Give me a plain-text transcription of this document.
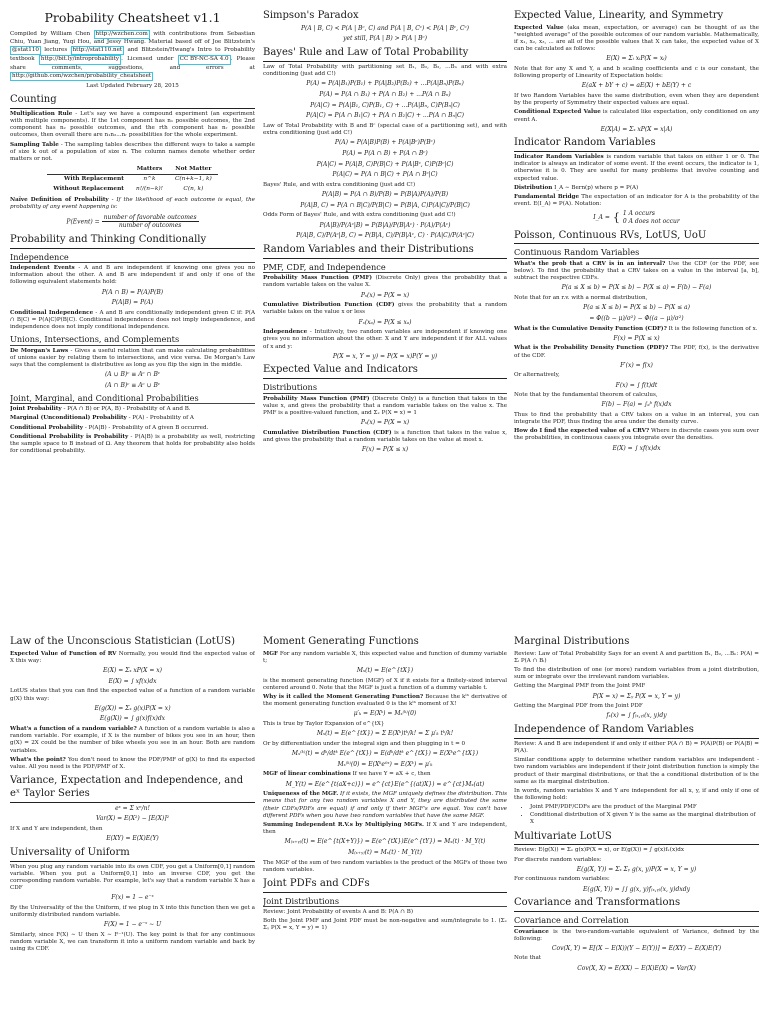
Probability Cheatsheet v1.1

Compiled by William Chen http://wzchen.com with contributions from Sebastian Chiu, Yuan Jiang, Yuqi Hou, and Jessy Hwang. Material based off of Joe Blitzstein's @stat110 lectures http://stat110.net and Blitzstein/Hwang's Intro to Probability textbook http://bit.ly/introprobability . Licensed under CC BY-NC-SA 4.0 . Please share comments, suggestions, and errors at http://github.com/wzchen/probability_cheatsheet

Last Updated February 28, 2015

Counting

Multiplication Rule - Let's say we have a compound experiment (an experiment with multiple components). If the 1st component has n₁ possible outcomes, the 2nd component has n₂ possible outcomes, and the rth component has nᵣ possible outcomes, then overall there are n₁n₂...nᵣ possibilities for the whole experiment.

Sampling Table - The sampling tables describes the different ways to take a sample of size k out of a population of size n. The column names denote whether order matters or not.

	Matters	Not Matter
With Replacement	n^k	C(n+k−1, k)
Without Replacement	n!/(n−k)!	C(n, k)

Naïve Definition of Probability - If the likelihood of each outcome is equal, the probability of any event happening is:

P(Event) = $\frac{\text{number of favorable outcomes}}{\text{number of outcomes}}$
Probability and Thinking Conditionally
Independence

Independent Events - A and B are independent if knowing one gives you no information about the other. A and B are independent if and only if one of the following equivalent statements hold:

P(A ∩ B) = P(A)P(B)
P(A|B) = P(A)

Conditional Independence - A and B are conditionally independent given C if: P(A ∩ B|C) = P(A|C)P(B|C). Conditional independence does not imply independence, and independence does not imply conditional independence.

Unions, Intersections, and Complements

De Morgan's Laws - Gives a useful relation that can make calculating probabilities of unions easier by relating them to intersections, and vice versa. De Morgan's Law says that the complement is distributive as long as you flip the sign in the middle.

(A ∪ B)ᶜ ≡ Aᶜ ∩ Bᶜ
(A ∩ B)ᶜ ≡ Aᶜ ∪ Bᶜ
Joint, Marginal, and Conditional Probabilities

Joint Probability - P(A ∩ B) or P(A, B) - Probability of A and B.

Marginal (Unconditional) Probability - P(A) - Probability of A

Conditional Probability - P(A|B) - Probability of A given B occurred.

Conditional Probability is Probability - P(A|B) is a probability as well, restricting the sample space to B instead of Ω. Any theorem that holds for probability also holds for conditional probability.

Simpson's Paradox
P(A | B, C) < P(A | Bᶜ, C) and P(A | B, Cᶜ) < P(A | Bᶜ, Cᶜ)
yet still, P(A | B) > P(A | Bᶜ)
Bayes' Rule and Law of Total Probability

Law of Total Probability with partitioning set B₁, B₂, B₃, ...Bₙ and with extra conditioning (just add C!)

P(A) = P(A|B₁)P(B₁) + P(A|B₂)P(B₂) + ...P(A|Bₙ)P(Bₙ)
P(A) = P(A ∩ B₁) + P(A ∩ B₂) + ...P(A ∩ Bₙ)
P(A|C) = P(A|B₁, C)P(B₁, C) + ...P(A|Bₙ, C)P(Bₙ|C)
P(A|C) = P(A ∩ B₁|C) + P(A ∩ B₂|C) + ...P(A ∩ Bₙ|C)

Law of Total Probability with B and Bᶜ (special case of a partitioning set), and with extra conditioning (just add C!)

P(A) = P(A|B)P(B) + P(A|Bᶜ)P(Bᶜ)
P(A) = P(A ∩ B) + P(A ∩ Bᶜ)
P(A|C) = P(A|B, C)P(B|C) + P(A|Bᶜ, C)P(Bᶜ|C)
P(A|C) = P(A ∩ B|C) + P(A ∩ Bᶜ|C)

Bayes' Rule, and with extra conditioning (just add C!)

P(A|B) = P(A ∩ B)/P(B) = P(B|A)P(A)/P(B)
P(A|B, C) = P(A ∩ B|C)/P(B|C) = P(B|A, C)P(A|C)/P(B|C)

Odds Form of Bayes' Rule, and with extra conditioning (just add C!)

P(A|B)/P(Aᶜ|B) = P(B|A)/P(B|Aᶜ) · P(A)/P(Aᶜ)
P(A|B, C)/P(Aᶜ|B, C) = P(B|A, C)/P(B|Aᶜ, C) · P(A|C)/P(Aᶜ|C)
Random Variables and their Distributions
PMF, CDF, and Independence

Probability Mass Function (PMF) (Discrete Only) gives the probability that a random variable takes on the value X.

Pₓ(x) = P(X = x)

Cumulative Distribution Function (CDF) gives the probability that a random variable takes on the value x or less

Fₓ(xₐ) = P(X ≤ xₐ)

Independence - Intuitively, two random variables are independent if knowing one gives you no information about the other. X and Y are independent if for ALL values of x and y:

P(X = x, Y = y) = P(X = x)P(Y = y)
Expected Value and Indicators
Distributions

Probability Mass Function (PMF) (Discrete Only) is a function that takes in the value x, and gives the probability that a random variable takes on the value x. The PMF is a positive-valued function, and Σₓ P(X = x) = 1

Pₓ(x) = P(X = x)

Cumulative Distribution Function (CDF) is a function that takes in the value x, and gives the probability that a random variable takes on the value at most x.

F(x) = P(X ≤ x)
Expected Value, Linearity, and Symmetry

Expected Value (aka mean, expectation, or average) can be thought of as the "weighted average" of the possible outcomes of our random variable. Mathematically, if x₁, x₂, x₃, ... are all of the possible values that X can take, the expected value of X can be calculated as follows:

E(X) = Σᵢ xᵢP(X = xᵢ)

Note that for any X and Y, a and b scaling coefficients and c is our constant, the following property of Linearity of Expectation holds:

E(aX + bY + c) = aE(X) + bE(Y) + c

If two Random Variables have the same distribution, even when they are dependent by the property of Symmetry their expected values are equal.

Conditional Expected Value is calculated like expectation, only conditioned on any event A.

E(X|A) = Σₓ xP(X = x|A)
Indicator Random Variables

Indicator Random Variables is random variable that takes on either 1 or 0. The indicator is always an indicator of some event. If the event occurs, the indicator is 1, otherwise it is 0. They are useful for many problems that involve counting and expected value.

Distribution I_A ∼ Bern(p) where p = P(A)

Fundamental Bridge The expectation of an indicator for A is the probability of the event. E(I_A) = P(A). Notation:

I_A = { 1 A occurs
0 A does not occur
Poisson, Continuous RVs, LotUS, UoU
Continuous Random Variables

What's the prob that a CRV is in an interval? Use the CDF (or the PDF, see below). To find the probability that a CRV takes on a value in the interval [a, b], subtract the respective CDFs.

P(a ≤ X ≤ b) = P(X ≤ b) − P(X ≤ a) = F(b) − F(a)

Note that for an r.v. with a normal distribution,

P(a ≤ X ≤ b) = P(X ≤ b) − P(X ≤ a)
= Φ((b − μ)/σ²) − Φ((a − μ)/σ²)

What is the Cumulative Density Function (CDF)? It is the following function of x.

F(x) = P(X ≤ x)

What is the Probability Density Function (PDF)? The PDF, f(x), is the derivative of the CDF.

F′(x) = f(x)

Or alternatively,

F(x) = ∫ f(t)dt

Note that by the fundamental theorem of calculus,

F(b) − F(a) = ∫ₐᵇ f(x)dx

Thus to find the probability that a CRV takes on a value in an interval, you can integrate the PDF, thus finding the area under the density curve.

How do I find the expected value of a CRV? Where in discrete cases you sum over the probabilities, in continuous cases you integrate over the densities.

E(X) = ∫ xf(x)dx
Law of the Unconscious Statistician (LotUS)

Expected Value of Function of RV Normally, you would find the expected value of X this way:

E(X) = Σₓ xP(X = x)
E(X) = ∫ xf(x)dx

LotUS states that you can find the expected value of a function of a random variable g(X) this way:

E(g(X)) = Σₓ g(x)P(X = x)
E(g(X)) = ∫ g(x)f(x)dx

What's a function of a random variable? A function of a random variable is also a random variable. For example, if X is the number of bikes you see in an hour, then g(X) = 2X could be the number of bike wheels you see in an hour. Both are random variables.

What's the point? You don't need to know the PDF/PMF of g(X) to find its expected value. All you need is the PDF/PMF of X.

Variance, Expectation and Independence, and eˣ Taylor Series
eˣ = Σ xⁿ/n!
Var(X) = E(X²) − [E(X)]²

If X and Y are independent, then

E(XY) = E(X)E(Y)
Universality of Uniform

When you plug any random variable into its own CDF, you get a Uniform[0,1] random variable. When you put a Uniform[0,1] into an inverse CDF, you get the corresponding random variable. For example, let's say that a random variable X has a CDF

F(x) = 1 − e⁻ˣ

By the Universality of the the Uniform, if we plug in X into this function then we get a uniformly distributed random variable.

F(X) = 1 − e⁻ˣ ∼ U

Similarly, since F(X) ∼ U then X ∼ F⁻¹(U). The key point is that for any continuous random variable X, we can transform it into a uniform random variable and back by using its CDF.

Moment Generating Functions

MGF For any random variable X, this expected value and function of dummy variable t;

Mₓ(t) = E(e^{tX})

is the moment generating function (MGF) of X if it exists for a finitely-sized interval centered around 0. Note that the MGF is just a function of a dummy variable t.

Why is it called the Moment Generating Function? Because the kᵗʰ derivative of the moment generating function evaluated 0 is the kᵗʰ moment of X!

μ′ₖ = E(Xᵏ) = Mₓ⁽ᵏ⁾(0)

This is true by Taylor Expansion of e^{tX}

Mₓ(t) = E(e^{tX}) = Σ E(Xᵏ)tᵏ/k! = Σ μ′ₖ tᵏ/k!

Or by differentiation under the integral sign and then plugging in t = 0

Mₓ⁽ᵏ⁾(t) = dᵏ/dtᵏ E(e^{tX}) = E(dᵏ/dtᵏ e^{tX}) = E(Xᵏe^{tX})
Mₓ⁽ᵏ⁾(0) = E(Xᵏe⁰ˣ) = E(Xᵏ) = μ′ₖ

MGF of linear combinations If we have Y = aX + c, then

M_Y(t) = E(e^{t(aX+c)}) = e^{ct}E(e^{(at)X}) = e^{ct}Mₓ(at)

Uniqueness of the MGF. If it exists, the MGF uniquely defines the distribution. This means that for any two random variables X and Y, they are distributed the same (their CDFs/PDFs are equal) if and only if their MGF's are equal. You can't have different PDFs when you have two random variables that have the same MGF.

Summing Independent R.V.s by Multiplying MGFs. If X and Y are independent, then

M₍ₓ₊ᵧ₎(t) = E(e^{t(X+Y)}) = E(e^{tX})E(e^{tY}) = Mₓ(t) · M_Y(t)
M₍ₓ₊ᵧ₎(t) = Mₓ(t) · M_Y(t)

The MGF of the sum of two random variables is the product of the MGFs of those two random variables.

Joint PDFs and CDFs
Joint Distributions

Review: Joint Probability of events A and B: P(A ∩ B)

Both the Joint PMF and Joint PDF must be non-negative and sum/integrate to 1. (Σₓ Σᵧ P(X = x, Y = y) = 1)

Marginal Distributions

Review: Law of Total Probability Says for an event A and partition B₁, B₂, ...Bₙ: P(A) = Σᵢ P(A ∩ Bᵢ)

To find the distribution of one (or more) random variables from a joint distribution, sum or integrate over the irrelevant random variables.

Getting the Marginal PMF from the Joint PMF

P(X = x) = Σᵧ P(X = x, Y = y)

Getting the Marginal PDF from the Joint PDF

fₓ(x) = ∫ f₍ₓ,ᵧ₎(x, y)dy
Independence of Random Variables

Review: A and B are independent if and only if either P(A ∩ B) = P(A)P(B) or P(A|B) = P(A).

Similar conditions apply to determine whether random variables are independent - two random variables are independent if their joint distribution function is simply the product of their marginal distributions, or that the a conditional distribution of is the same as its marginal distribution.

In words, random variables X and Y are independent for all x, y, if and only if one of the following hold:

• Joint PMF/PDF/CDFs are the product of the Marginal PMF
• Conditional distribution of X given Y is the same as the marginal distribution of X
Multivariate LotUS

Review: E(g(X)) = Σₓ g(x)P(X = x), or E(g(X)) = ∫ g(x)fₓ(x)dx

For discrete random variables:

E(g(X, Y)) = Σₓ Σᵧ g(x, y)P(X = x, Y = y)

For continuous random variables:

E(g(X, Y)) = ∫∫ g(x, y)f₍ₓ,ᵧ₎(x, y)dxdy
Covariance and Transformations
Covariance and Correlation

Covariance is the two-random-variable equivalent of Variance, defined by the following:

Cov(X, Y) = E[(X − E(X))(Y − E(Y))] = E(XY) − E(X)E(Y)

Note that

Cov(X, X) = E(XX) − E(X)E(X) = Var(X)
